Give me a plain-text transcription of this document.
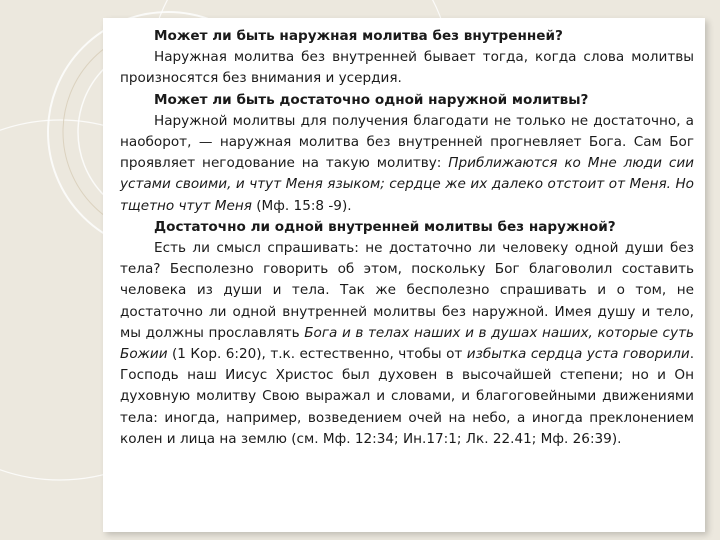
Может ли быть наружная молитва без внутренней?

Наружная молитва без внутренней бывает тогда, когда слова молитвы произносятся без внимания и усердия.

Может ли быть достаточно одной наружной молитвы?

Наружной молитвы для получения благодати не только не достаточно, а наоборот, — наружная молитва без внутренней прогневляет Бога. Сам Бог проявляет негодование на такую молитву: Приближаются ко Мне люди сии устами своими, и чтут Меня языком; сердце же их далеко отстоит от Меня. Но тщетно чтут Меня (Мф. 15:8 -9).

Достаточно ли одной внутренней молитвы без наружной?

Есть ли смысл спрашивать: не достаточно ли человеку одной души без тела? Бесполезно говорить об этом, поскольку Бог благоволил составить человека из души и тела. Так же бесполезно спрашивать и о том, не достаточно ли одной внутренней молитвы без наружной. Имея душу и тело, мы должны прославлять Бога и в телах наших и в душах наших, которые суть Божии (1 Кор. 6:20), т.к. естественно, чтобы от избытка сердца уста говорили. Господь наш Иисус Христос был духовен в высочайшей степени; но и Он духовную молитву Свою выражал и словами, и благоговейными движениями тела: иногда, например, возведением очей на небо, а иногда преклонением колен и лица на землю (см. Мф. 12:34; Ин.17:1; Лк. 22.41; Мф. 26:39).
